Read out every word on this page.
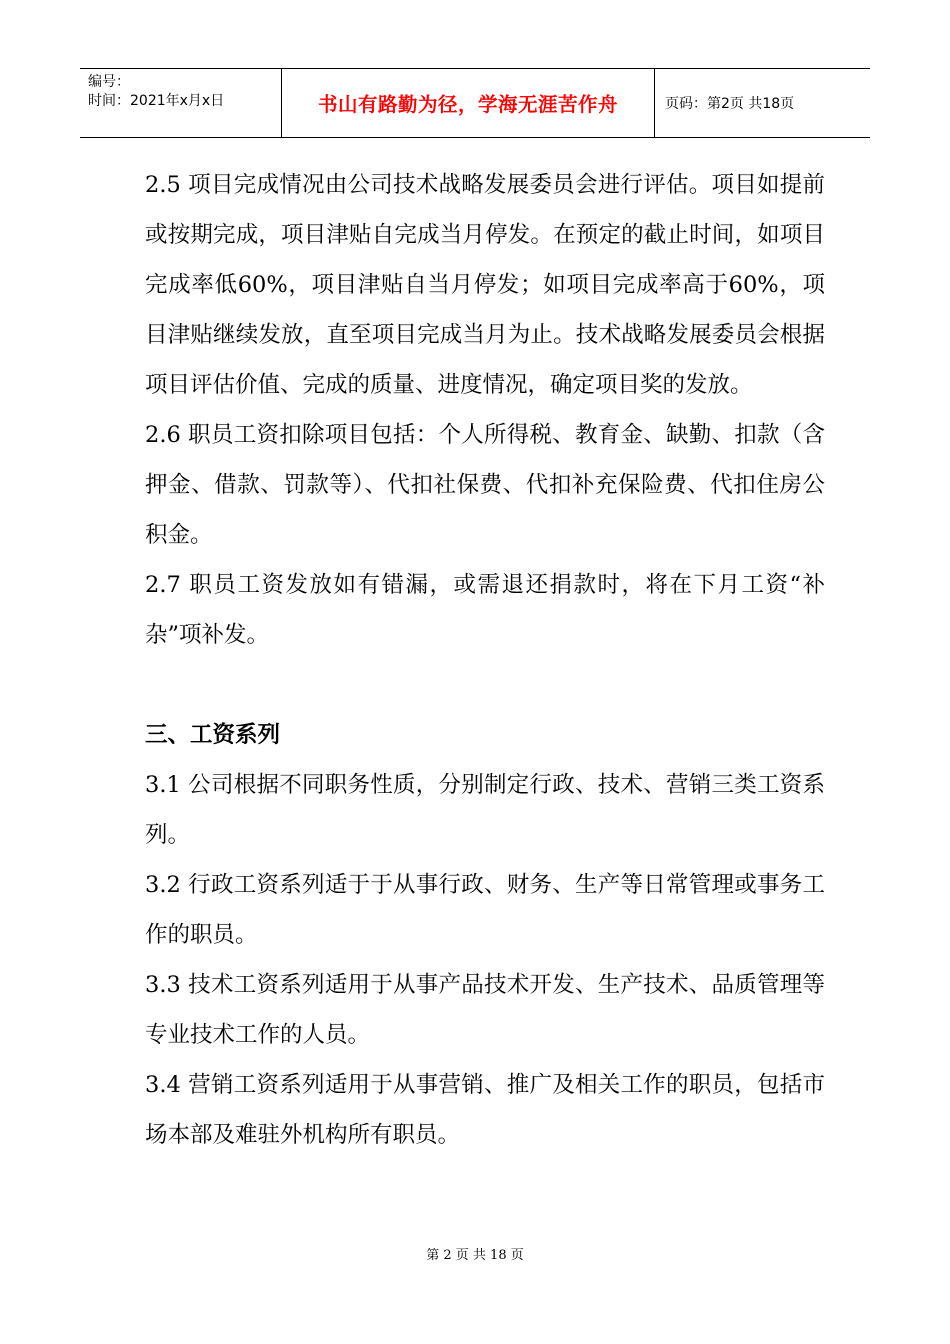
编号：
时间：2021年x月x日	书山有路勤为径，学海无涯苦作舟	页码：第2页 共18页

2.5 项目完成情况由公司技术战略发展委员会进行评估。项目如提前或按期完成，项目津贴自完成当月停发。在预定的截止时间，如项目完成率低60%，项目津贴自当月停发；如项目完成率高于60%，项目津贴继续发放，直至项目完成当月为止。技术战略发展委员会根据项目评估价值、完成的质量、进度情况，确定项目奖的发放。

2.6 职员工资扣除项目包括：个人所得税、教育金、缺勤、扣款（含押金、借款、罚款等）、代扣社保费、代扣补充保险费、代扣住房公积金。

2.7 职员工资发放如有错漏，或需退还捐款时，将在下月工资“补杂”项补发。

三、工资系列

3.1 公司根据不同职务性质，分别制定行政、技术、营销三类工资系列。

3.2 行政工资系列适于于从事行政、财务、生产等日常管理或事务工作的职员。

3.3 技术工资系列适用于从事产品技术开发、生产技术、品质管理等专业技术工作的人员。

3.4 营销工资系列适用于从事营销、推广及相关工作的职员，包括市场本部及难驻外机构所有职员。

第 2 页 共 18 页
